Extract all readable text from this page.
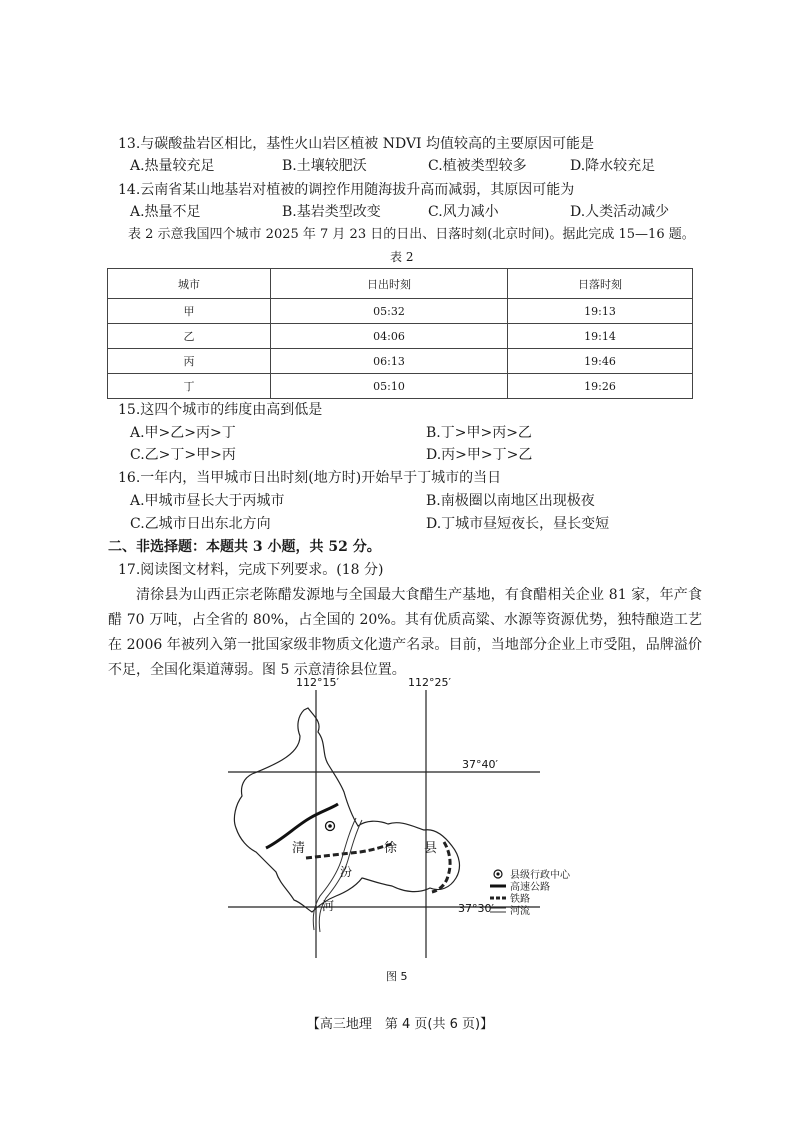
13.与碳酸盐岩区相比，基性火山岩区植被 NDVI 均值较高的主要原因可能是
A.热量较充足	B.土壤较肥沃	C.植被类型较多	D.降水较充足
14.云南省某山地基岩对植被的调控作用随海拔升高而减弱，其原因可能为
A.热量不足	B.基岩类型改变	C.风力减小	D.人类活动减少
表 2 示意我国四个城市 2025 年 7 月 23 日的日出、日落时刻(北京时间)。据此完成 15—16 题。
表 2
城市	日出时刻	日落时刻
甲	05:32	19:13
乙	04:06	19:14
丙	06:13	19:46
丁	05:10	19:26
15.这四个城市的纬度由高到低是
A.甲>乙>丙>丁	B.丁>甲>丙>乙
C.乙>丁>甲>丙	D.丙>甲>丁>乙
16.一年内，当甲城市日出时刻(地方时)开始早于丁城市的当日
A.甲城市昼长大于丙城市	B.南极圈以南地区出现极夜
C.乙城市日出东北方向	D.丁城市昼短夜长，昼长变短
二、非选择题：本题共 3 小题，共 52 分。
17.阅读图文材料，完成下列要求。(18 分)
清徐县为山西正宗老陈醋发源地与全国最大食醋生产基地，有食醋相关企业 81 家，年产食醋 70 万吨，占全省的 80%，占全国的 20%。其有优质高粱、水源等资源优势，独特酿造工艺在 2006 年被列入第一批国家级非物质文化遗产名录。目前，当地部分企业上市受阻，品牌溢价不足，全国化渠道薄弱。图 5 示意清徐县位置。
清	徐 县
汾
河
112°15′	112°25′
37°40′
37°30′
县级行政中心
高速公路
铁路
河流
图 5
【高三地理　第 4 页(共 6 页)】
